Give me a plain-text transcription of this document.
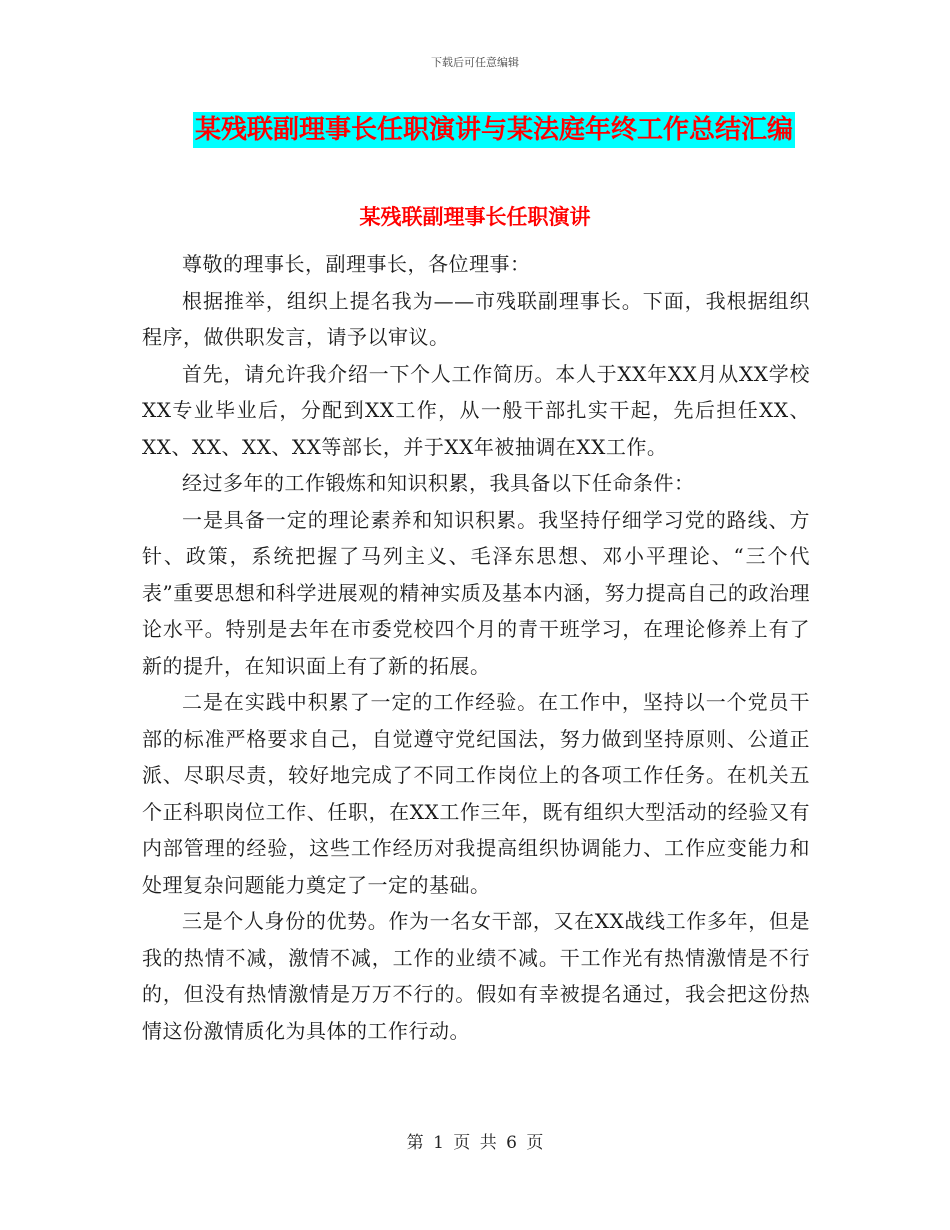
下载后可任意编辑
某残联副理事长任职演讲与某法庭年终工作总结汇编
某残联副理事长任职演讲

尊敬的理事长，副理事长，各位理事：

根据推举，组织上提名我为——市残联副理事长。下面，我根据组织程序，做供职发言，请予以审议。

首先，请允许我介绍一下个人工作简历。本人于XX年XX月从XX学校XX专业毕业后，分配到XX工作，从一般干部扎实干起，先后担任XX、XX、XX、XX、XX等部长，并于XX年被抽调在XX工作。

经过多年的工作锻炼和知识积累，我具备以下任命条件：

一是具备一定的理论素养和知识积累。我坚持仔细学习党的路线、方针、政策，系统把握了马列主义、毛泽东思想、邓小平理论、“三个代表”重要思想和科学进展观的精神实质及基本内涵，努力提高自己的政治理论水平。特别是去年在市委党校四个月的青干班学习，在理论修养上有了新的提升，在知识面上有了新的拓展。

二是在实践中积累了一定的工作经验。在工作中，坚持以一个党员干部的标准严格要求自己，自觉遵守党纪国法，努力做到坚持原则、公道正派、尽职尽责，较好地完成了不同工作岗位上的各项工作任务。在机关五个正科职岗位工作、任职，在XX工作三年，既有组织大型活动的经验又有内部管理的经验，这些工作经历对我提高组织协调能力、工作应变能力和处理复杂问题能力奠定了一定的基础。

三是个人身份的优势。作为一名女干部，又在XX战线工作多年，但是我的热情不减，激情不减，工作的业绩不减。干工作光有热情激情是不行的，但没有热情激情是万万不行的。假如有幸被提名通过，我会把这份热情这份激情质化为具体的工作行动。

第 1 页 共 6 页
